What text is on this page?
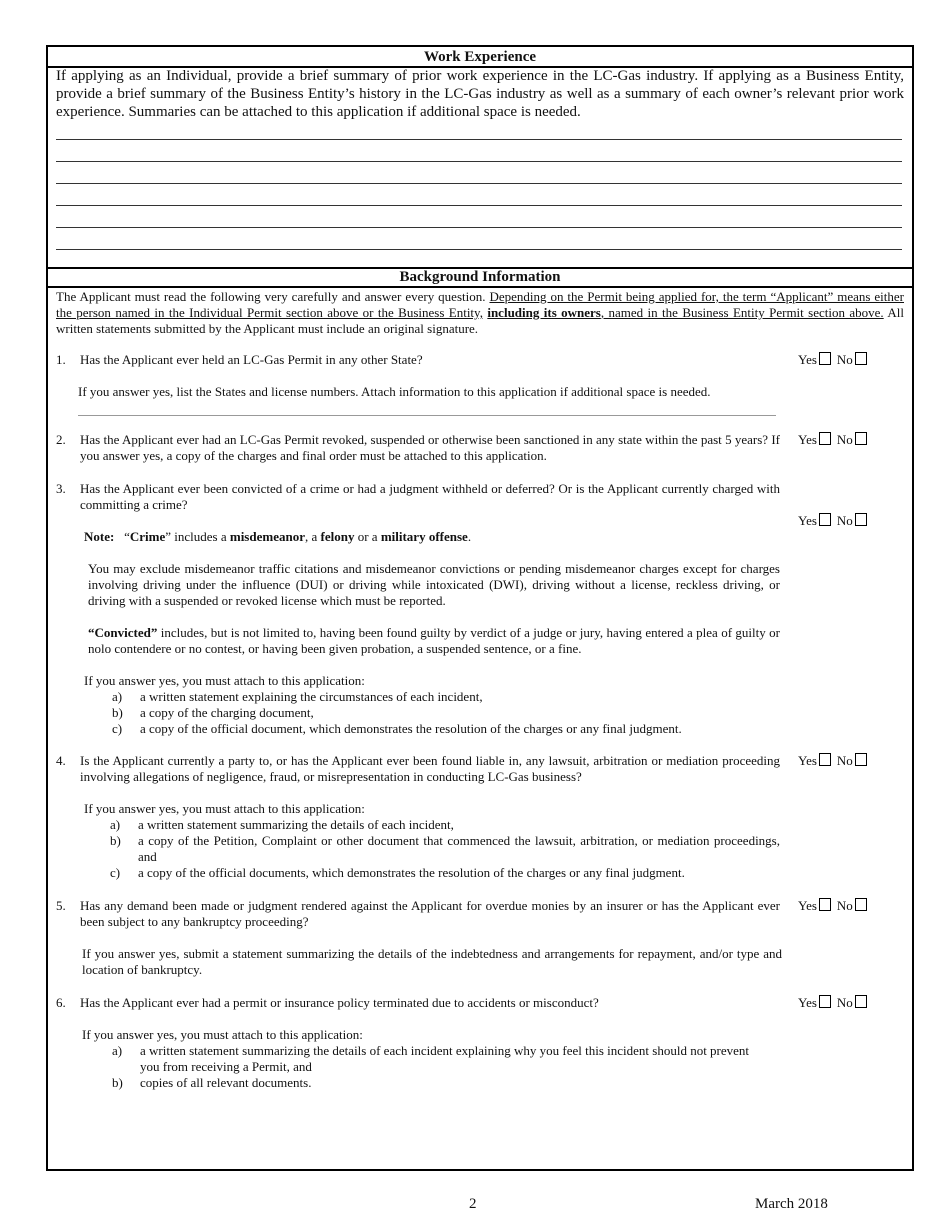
Work Experience
If applying as an Individual, provide a brief summary of prior work experience in the LC-Gas industry. If applying as a Business Entity, provide a brief summary of the Business Entity’s history in the LC-Gas industry as well as a summary of each owner’s relevant prior work experience. Summaries can be attached to this application if additional space is needed.
Background Information
The Applicant must read the following very carefully and answer every question. Depending on the Permit being applied for, the term “Applicant” means either the person named in the Individual Permit section above or the Business Entity, including its owners, named in the Business Entity Permit section above. All written statements submitted by the Applicant must include an original signature.
1. Has the Applicant ever held an LC-Gas Permit in any other State?	Yes No
If you answer yes, list the States and license numbers. Attach information to this application if additional space is needed.
2. Has the Applicant ever had an LC-Gas Permit revoked, suspended or otherwise been sanctioned in any state within the past 5 years? If you answer yes, a copy of the charges and final order must be attached to this application.
Yes No
3. Has the Applicant ever been convicted of a crime or had a judgment withheld or deferred? Or is the Applicant currently charged with committing a crime?
Yes No
Note: “Crime” includes a misdemeanor, a felony or a military offense.
You may exclude misdemeanor traffic citations and misdemeanor convictions or pending misdemeanor charges except for charges involving driving under the influence (DUI) or driving while intoxicated (DWI), driving without a license, reckless driving, or driving with a suspended or revoked license which must be reported.
“Convicted” includes, but is not limited to, having been found guilty by verdict of a judge or jury, having entered a plea of guilty or nolo contendere or no contest, or having been given probation, a suspended sentence, or a fine.
If you answer yes, you must attach to this application:
a) a written statement explaining the circumstances of each incident,
b) a copy of the charging document,
c) a copy of the official document, which demonstrates the resolution of the charges or any final judgment.
4. Is the Applicant currently a party to, or has the Applicant ever been found liable in, any lawsuit, arbitration or mediation proceeding involving allegations of negligence, fraud, or misrepresentation in conducting LC-Gas business?
Yes No
If you answer yes, you must attach to this application:
a) a written statement summarizing the details of each incident,
b) a copy of the Petition, Complaint or other document that commenced the lawsuit, arbitration, or mediation proceedings, and
c) a copy of the official documents, which demonstrates the resolution of the charges or any final judgment.
5. Has any demand been made or judgment rendered against the Applicant for overdue monies by an insurer or has the Applicant ever been subject to any bankruptcy proceeding?
Yes No
If you answer yes, submit a statement summarizing the details of the indebtedness and arrangements for repayment, and/or type and location of bankruptcy.
6. Has the Applicant ever had a permit or insurance policy terminated due to accidents or misconduct?	Yes No
If you answer yes, you must attach to this application:
a) a written statement summarizing the details of each incident explaining why you feel this incident should not prevent you from receiving a Permit, and
b) copies of all relevant documents.
2	March 2018
